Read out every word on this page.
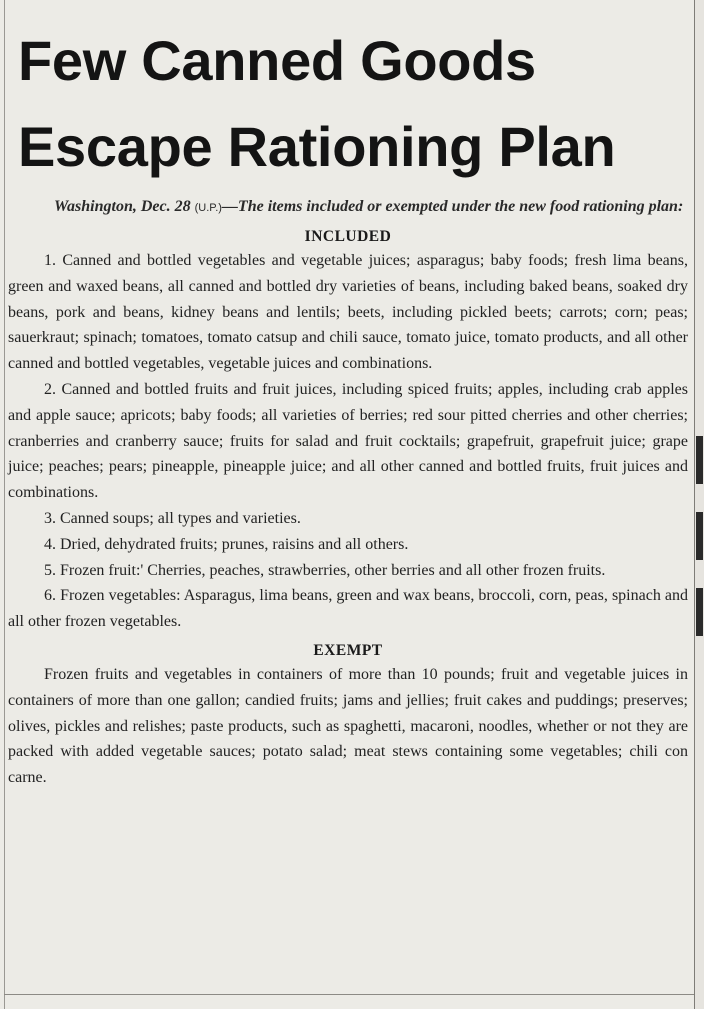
Few Canned Goods
Escape Rationing Plan

Washington, Dec. 28 (U.P.)—The items included or exempted under the new food rationing plan:

INCLUDED

1. Canned and bottled vegetables and vegetable juices; asparagus; baby foods; fresh lima beans, green and waxed beans, all canned and bottled dry varieties of beans, including baked beans, soaked dry beans, pork and beans, kidney beans and lentils; beets, including pickled beets; carrots; corn; peas; sauerkraut; spinach; tomatoes, tomato catsup and chili sauce, tomato juice, tomato products, and all other canned and bottled vegetables, vegetable juices and combinations.

2. Canned and bottled fruits and fruit juices, including spiced fruits; apples, including crab apples and apple sauce; apricots; baby foods; all varieties of berries; red sour pitted cherries and other cherries; cranberries and cranberry sauce; fruits for salad and fruit cocktails; grapefruit, grapefruit juice; grape juice; peaches; pears; pineapple, pineapple juice; and all other canned and bottled fruits, fruit juices and combinations.

3. Canned soups; all types and varieties.

4. Dried, dehydrated fruits; prunes, raisins and all others.

5. Frozen fruit:' Cherries, peaches, strawberries, other berries and all other frozen fruits.

6. Frozen vegetables: Asparagus, lima beans, green and wax beans, broccoli, corn, peas, spinach and all other frozen vegetables.

EXEMPT

Frozen fruits and vegetables in containers of more than 10 pounds; fruit and vegetable juices in containers of more than one gallon; candied fruits; jams and jellies; fruit cakes and puddings; preserves; olives, pickles and relishes; paste products, such as spaghetti, macaroni, noodles, whether or not they are packed with added vegetable sauces; potato salad; meat stews containing some vegetables; chili con carne.
